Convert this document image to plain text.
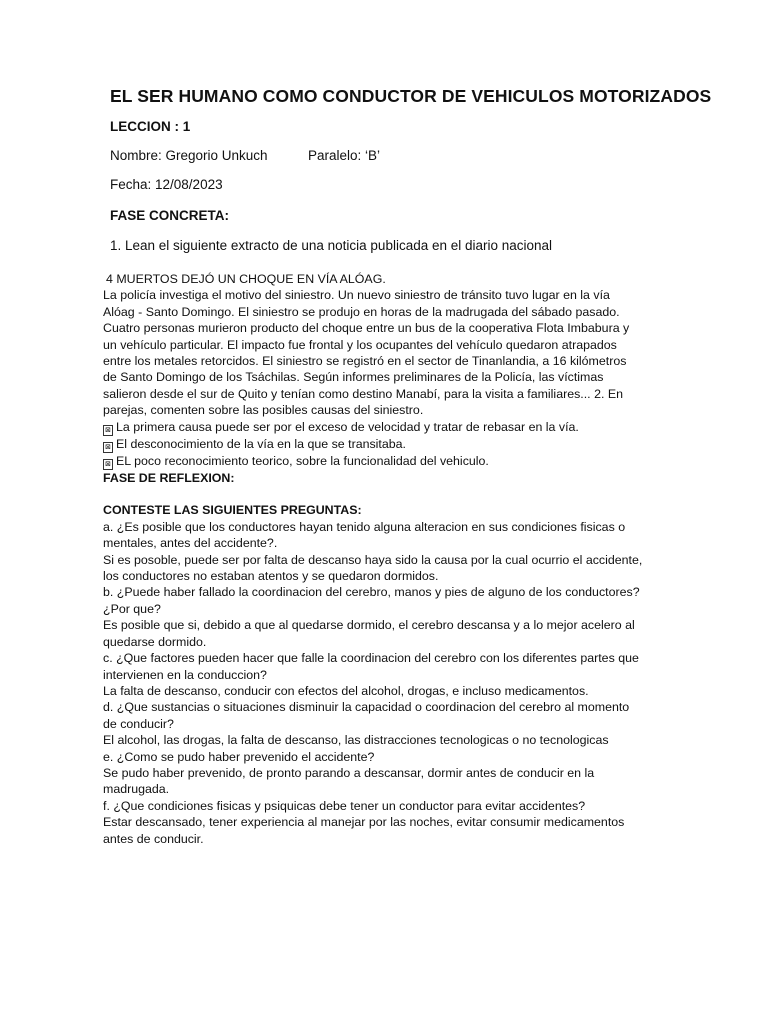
EL SER HUMANO COMO CONDUCTOR DE VEHICULOS MOTORIZADOS
LECCION : 1
Nombre: Gregorio Unkuch	Paralelo: ‘B’
Fecha: 12/08/2023
FASE CONCRETA:
1. Lean el siguiente extracto de una noticia publicada en el diario nacional

4 MUERTOS DEJÓ UN CHOQUE EN VÍA ALÓAG.

La policía investiga el motivo del siniestro. Un nuevo siniestro de tránsito tuvo lugar en la vía

Alóag - Santo Domingo. El siniestro se produjo en horas de la madrugada del sábado pasado.

Cuatro personas murieron producto del choque entre un bus de la cooperativa Flota Imbabura y

un vehículo particular. El impacto fue frontal y los ocupantes del vehículo quedaron atrapados

entre los metales retorcidos. El siniestro se registró en el sector de Tinanlandia, a 16 kilómetros

de Santo Domingo de los Tsáchilas. Según informes preliminares de la Policía, las víctimas

salieron desde el sur de Quito y tenían como destino Manabí, para la visita a familiares... 2. En

parejas, comenten sobre las posibles causas del siniestro.

⊠ La primera causa puede ser por el exceso de velocidad y tratar de rebasar en la vía.

⊠ El desconocimiento de la vía en la que se transitaba.

⊠ EL poco reconocimiento teorico, sobre la funcionalidad del vehiculo.

FASE DE REFLEXION:

CONTESTE LAS SIGUIENTES PREGUNTAS:

a. ¿Es posible que los conductores hayan tenido alguna alteracion en sus condiciones fisicas o

mentales, antes del accidente?.

Si es posoble, puede ser por falta de descanso haya sido la causa por la cual ocurrio el accidente,

los conductores no estaban atentos y se quedaron dormidos.

b. ¿Puede haber fallado la coordinacion del cerebro, manos y pies de alguno de los conductores?

¿Por que?

Es posible que si, debido a que al quedarse dormido, el cerebro descansa y a lo mejor acelero al

quedarse dormido.

c. ¿Que factores pueden hacer que falle la coordinacion del cerebro con los diferentes partes que

intervienen en la conduccion?

La falta de descanso, conducir con efectos del alcohol, drogas, e incluso medicamentos.

d. ¿Que sustancias o situaciones disminuir la capacidad o coordinacion del cerebro al momento

de conducir?

El alcohol, las drogas, la falta de descanso, las distracciones tecnologicas o no tecnologicas

e. ¿Como se pudo haber prevenido el accidente?

Se pudo haber prevenido, de pronto parando a descansar, dormir antes de conducir en la

madrugada.

f. ¿Que condiciones fisicas y psiquicas debe tener un conductor para evitar accidentes?

Estar descansado, tener experiencia al manejar por las noches, evitar consumir medicamentos

antes de conducir.
